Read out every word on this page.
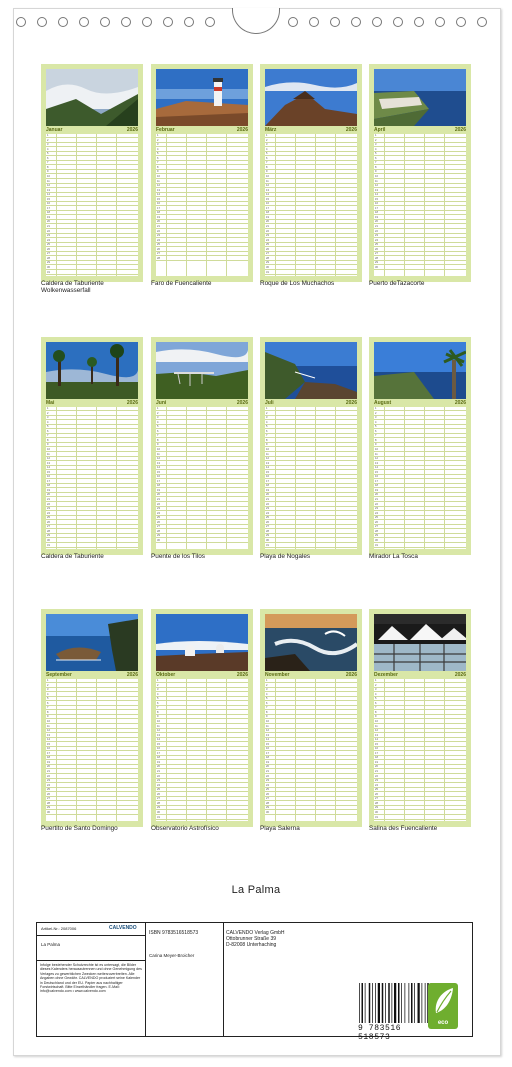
Januar	2026
1
2
3
4
5
6
7
8
9
10
11
12
13
14
15
16
17
18
19
20
21
22
23
24
25
26
27
28
29
30
31
Caldera de Taburiente Wolkenwasserfall
Februar	2026
1
2
3
4
5
6
7
8
9
10
11
12
13
14
15
16
17
18
19
20
21
22
23
24
25
26
27
28
Faro de Fuencaliente
März	2026
1
2
3
4
5
6
7
8
9
10
11
12
13
14
15
16
17
18
19
20
21
22
23
24
25
26
27
28
29
30
31
Roque de Los Muchachos
April	2026
1
2
3
4
5
6
7
8
9
10
11
12
13
14
15
16
17
18
19
20
21
22
23
24
25
26
27
28
29
30
Puerto deTazacorte
Mai	2026
1
2
3
4
5
6
7
8
9
10
11
12
13
14
15
16
17
18
19
20
21
22
23
24
25
26
27
28
29
30
31
Caldera de Taburiente
Juni	2026
1
2
3
4
5
6
7
8
9
10
11
12
13
14
15
16
17
18
19
20
21
22
23
24
25
26
27
28
29
30
Puente de los Tilos
Juli	2026
1
2
3
4
5
6
7
8
9
10
11
12
13
14
15
16
17
18
19
20
21
22
23
24
25
26
27
28
29
30
31
Playa de Nogales
August	2026
1
2
3
4
5
6
7
8
9
10
11
12
13
14
15
16
17
18
19
20
21
22
23
24
25
26
27
28
29
30
31
Mirador La Tosca
September	2026
1
2
3
4
5
6
7
8
9
10
11
12
13
14
15
16
17
18
19
20
21
22
23
24
25
26
27
28
29
30
Puertito de Santo Domingo
Oktober	2026
1
2
3
4
5
6
7
8
9
10
11
12
13
14
15
16
17
18
19
20
21
22
23
24
25
26
27
28
29
30
31
Observatorio Astrofísico
November	2026
1
2
3
4
5
6
7
8
9
10
11
12
13
14
15
16
17
18
19
20
21
22
23
24
25
26
27
28
29
30
Playa Salerna
Dezember	2026
1
2
3
4
5
6
7
8
9
10
11
12
13
14
15
16
17
18
19
20
21
22
23
24
25
26
27
28
29
30
31
Salina des Fuencaliente
La Palma
Artikel-Nr.: 2087006	CALVENDO
La Palma
Infolge bestehender Schutzrechte ist es untersagt, die Bilder dieses Kalenders herauszutrennen und ohne Genehmigung des Verlages zu gewerblichen Zwecken weiterzuverbreiten. Alle Angaben ohne Gewähr. CALVENDO produziert seine Kalender in Deutschland und der EU. Papier aus nachhaltiger Forstwirtschaft. Bitte Einzelhändler fragen. E-Mail: info@calvendo.com • www.calvendo.com
ISBN 9783516518573
Carina Meyer-Broicher
CALVENDO Verlag GmbH
Ottobrunner Straße 39
D-82008 Unterhaching
9 783516 518573
eco
